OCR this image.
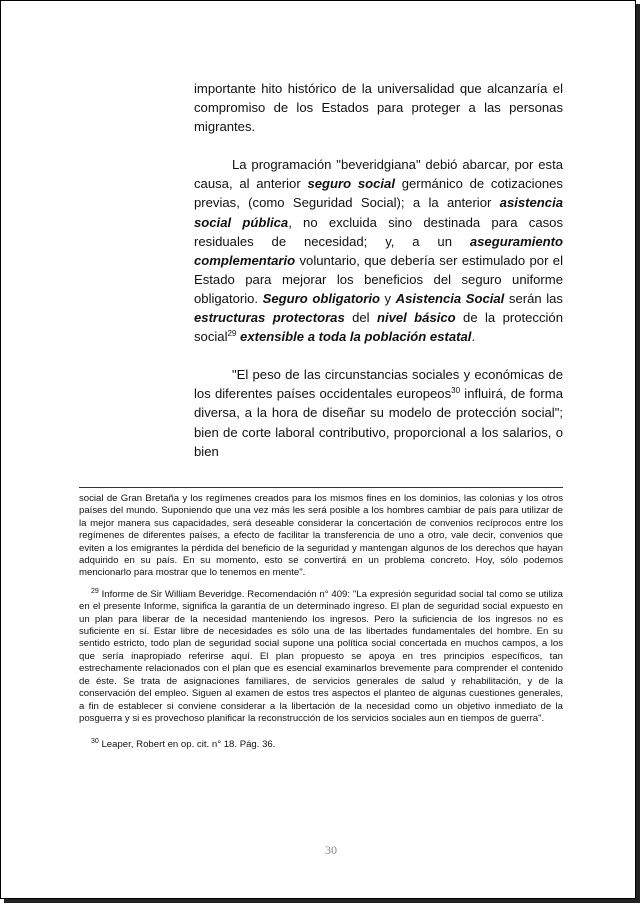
importante hito histórico de la universalidad que alcanzaría el compromiso de los Estados para proteger a las personas migrantes.

La programación "beveridgiana" debió abarcar, por esta causa, al anterior seguro social germánico de cotizaciones previas, (como Seguridad Social); a la anterior asistencia social pública, no excluida sino destinada para casos residuales de necesidad; y, a un aseguramiento complementario voluntario, que debería ser estimulado por el Estado para mejorar los beneficios del seguro uniforme obligatorio. Seguro obligatorio y Asistencia Social serán las estructuras protectoras del nivel básico de la protección social$^{29}$ extensible a toda la población estatal.

"El peso de las circunstancias sociales y económicas de los diferentes países occidentales europeos$^{30}$ influirá, de forma diversa, a la hora de diseñar su modelo de protección social"; bien de corte laboral contributivo, proporcional a los salarios, o bien

social de Gran Bretaña y los regímenes creados para los mismos fines en los dominios, las colonias y los otros países del mundo. Suponiendo que una vez más les será posible a los hombres cambiar de país para utilizar de la mejor manera sus capacidades, será deseable considerar la concertación de convenios recíprocos entre los regímenes de diferentes países, a efecto de facilitar la transferencia de uno a otro, vale decir, convenios que eviten a los emigrantes la pérdida del beneficio de la seguridad y mantengan algunos de los derechos que hayan adquirido en su país. En su momento, esto se convertirá en un problema concreto. Hoy, sólo podemos mencionarlo para mostrar que lo tenemos en mente".

$^{29}$ Informe de Sir William Beveridge. Recomendación n° 409: "La expresión seguridad social tal como se utiliza en el presente Informe, significa la garantía de un determinado ingreso. El plan de seguridad social expuesto en un plan para liberar de la necesidad manteniendo los ingresos. Pero la suficiencia de los ingresos no es suficiente en sí. Estar libre de necesidades es sólo una de las libertades fundamentales del hombre. En su sentido estricto, todo plan de seguridad social supone una política social concertada en muchos campos, a los que sería inapropiado referirse aquí. El plan propuesto se apoya en tres principios específicos, tan estrechamente relacionados con el plan que es esencial examinarlos brevemente para comprender el contenido de éste. Se trata de asignaciones familiares, de servicios generales de salud y rehabilitación, y de la conservación del empleo. Siguen al examen de estos tres aspectos el planteo de algunas cuestiones generales, a fin de establecer si conviene considerar a la libertación de la necesidad como un objetivo inmediato de la posguerra y si es provechoso planificar la reconstrucción de los servicios sociales aun en tiempos de guerra".

$^{30}$ Leaper, Robert en op. cit. n° 18. Pág. 36.

30
